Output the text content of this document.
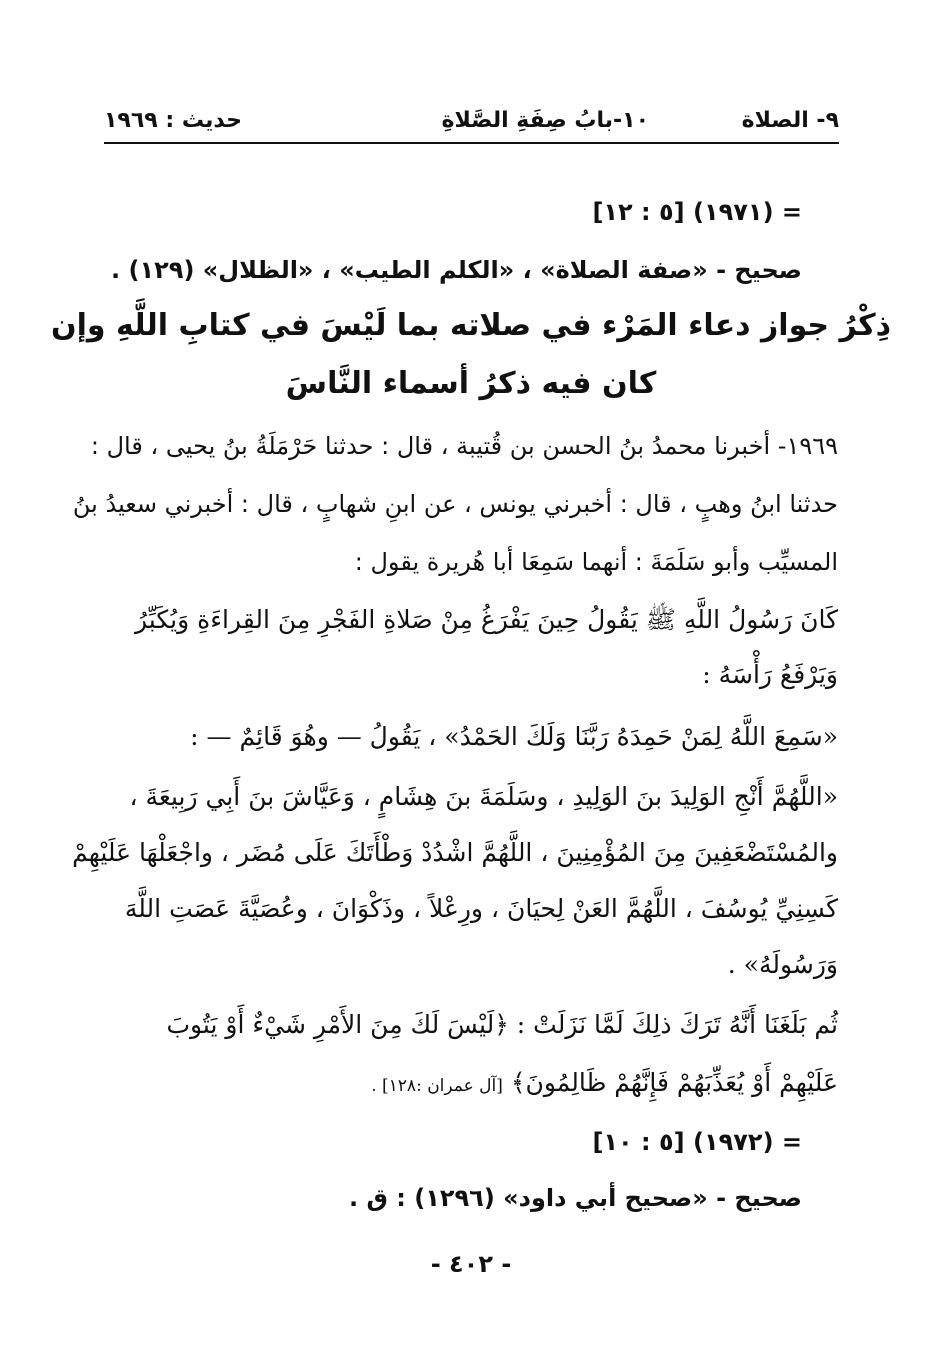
٩- الصلاة
١٠-بابُ صِفَةِ الصَّلاةِ
حديث : ١٩٦٩
= (١٩٧١) [٥ : ١٢]
صحيح - «صفة الصلاة» ، «الكلم الطيب» ، «الظلال» (١٢٩) .
ذِكْرُ جواز دعاء المَرْء في صلاته بما لَيْسَ في كتابِ اللَّهِ وإن
كان فيه ذكرُ أسماء النَّاسَ
١٩٦٩- أخبرنا محمدُ بنُ الحسن بن قُتيبة ، قال : حدثنا حَرْمَلَةُ بنُ يحيى ، قال :
حدثنا ابنُ وهبٍ ، قال : أخبرني يونس ، عن ابنِ شهابٍ ، قال : أخبرني سعيدُ بنُ
المسيِّب وأبو سَلَمَةَ : أنهما سَمِعَا أبا هُريرة يقول :
كَانَ رَسُولُ اللَّهِ ﷺ يَقُولُ حِينَ يَفْرَغُ مِنْ صَلاةِ الفَجْرِ مِنَ القِراءَةِ وَيُكَبِّرُ
وَيَرْفَعُ رَأْسَهُ :
«سَمِعَ اللَّهُ لِمَنْ حَمِدَهُ رَبَّنَا وَلَكَ الحَمْدُ» ، يَقُولُ — وهُوَ قَائِمٌ — :
«اللَّهُمَّ أَنْجِ الوَلِيدَ بنَ الوَلِيدِ ، وسَلَمَةَ بنَ هِشَامٍ ، وَعَيَّاشَ بنَ أَبِي رَبِيعَةَ ،
والمُسْتَضْعَفِينَ مِنَ المُؤْمِنِينَ ، اللَّهُمَّ اشْدُدْ وَطْأَتَكَ عَلَى مُضَر ، واجْعَلْهَا عَلَيْهِمْ
كَسِنِيِّ يُوسُفَ ، اللَّهُمَّ العَنْ لِحيَانَ ، ورِعْلاً ، وذَكْوَانَ ، وعُصَيَّةَ عَصَتِ اللَّهَ
وَرَسُولَهُ» .
ثُم بَلَغَنَا أَنَّهُ تَرَكَ ذلِكَ لَمَّا نَزَلَتْ : ﴿لَيْسَ لَكَ مِنَ الأَمْرِ شَيْءٌ أَوْ يَتُوبَ
عَلَيْهِمْ أَوْ يُعَذِّبَهُمْ فَإِنَّهُمْ ظَالِمُونَ﴾ [آل عمران :١٢٨] .
= (١٩٧٢) [٥ : ١٠]
صحيح - «صحيح أبي داود» (١٢٩٦) : ق .
- ٤٠٢ -
